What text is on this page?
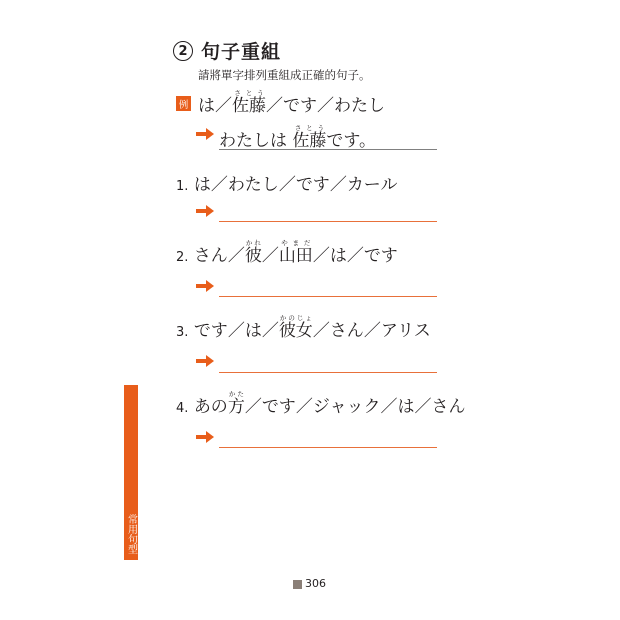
2 句子重組
請將單字排列重組成正確的句子。
例 は／佐藤さとう／です／わたし
わたしは 佐藤さとうです。
1. は／わたし／です／カール
2. さん／彼かれ／山田やまだ／は／です
3. です／は／彼女かのじょ／さん／アリス
4. あの方かた／です／ジャック／は／さん
常用句型
306
